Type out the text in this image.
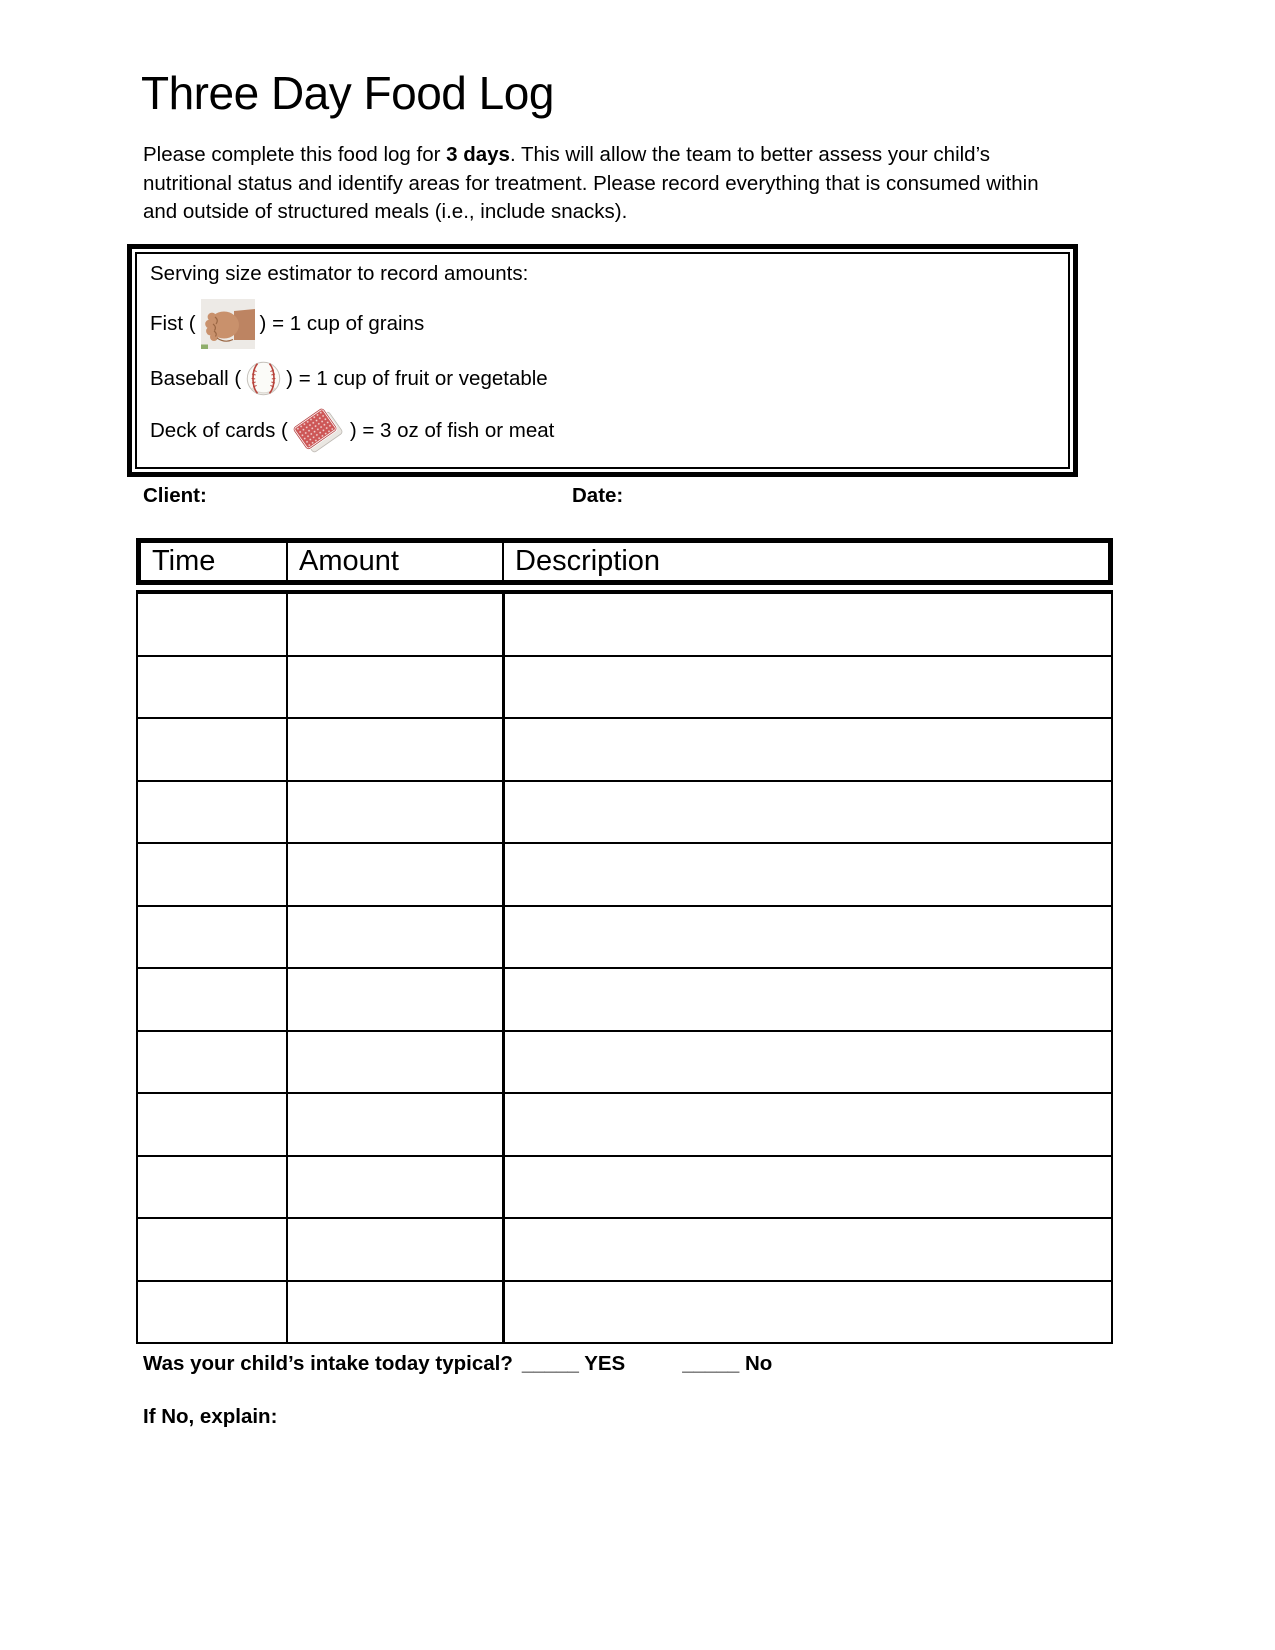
Three Day Food Log
Please complete this food log for 3 days. This will allow the team to better assess your child’s nutritional status and identify areas for treatment. Please record everything that is consumed within and outside of structured meals (i.e., include snacks).
Serving size estimator to record amounts:
Fist (	) = 1 cup of grains
Baseball ( ) = 1 cup of fruit or vegetable
Deck of cards (	) = 3 oz of fish or meat
Client:	Date:
Time	Amount	Description

Was your child’s intake today typical? _____ YES	_____ No
If No, explain:
